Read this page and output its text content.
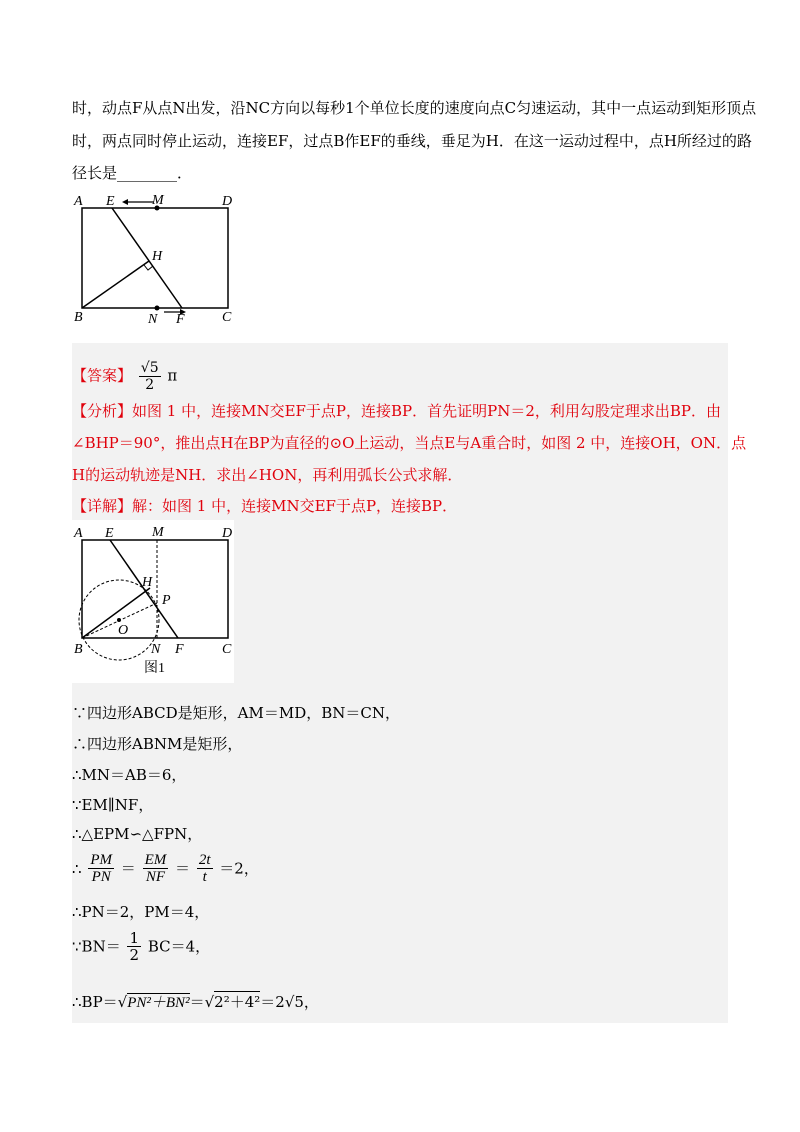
时，动点F从点N出发，沿NC方向以每秒1个单位长度的速度向点C匀速运动，其中一点运动到矩形顶点
时，两点同时停止运动，连接EF，过点B作EF的垂线，垂足为H．在这一运动过程中，点H所经过的路
径长是________．
A E	M	D
H
B	N F	C
【答案】 $\frac{√5}{2}$ π
【分析】如图 1 中，连接MN交EF于点P，连接BP．首先证明PN＝2，利用勾股定理求出BP．由
∠BHP＝90°，推出点H在BP为直径的⊙O上运动，当点E与A重合时，如图 2 中，连接OH，ON．点
H的运动轨迹是NH．求出∠HON，再利用弧长公式求解．
【详解】解：如图 1 中，连接MN交EF于点P，连接BP．
A E	M	D
H
P
O
B	N F	C
图1
∵四边形ABCD是矩形，AM＝MD，BN＝CN，
∴四边形ABNM是矩形，
∴MN＝AB＝6，
∵EM∥NF，
∴△EPM∽△FPN，
∴ $\frac{PM}{PN} = \frac{EM}{NF} = \frac{2t}{t} =2$，
∴PN＝2，PM＝4，
∵BN＝ $\frac{1}{2} BC=4$，
∴BP＝√PN²＋BN²＝√2²＋4²＝2√5，
